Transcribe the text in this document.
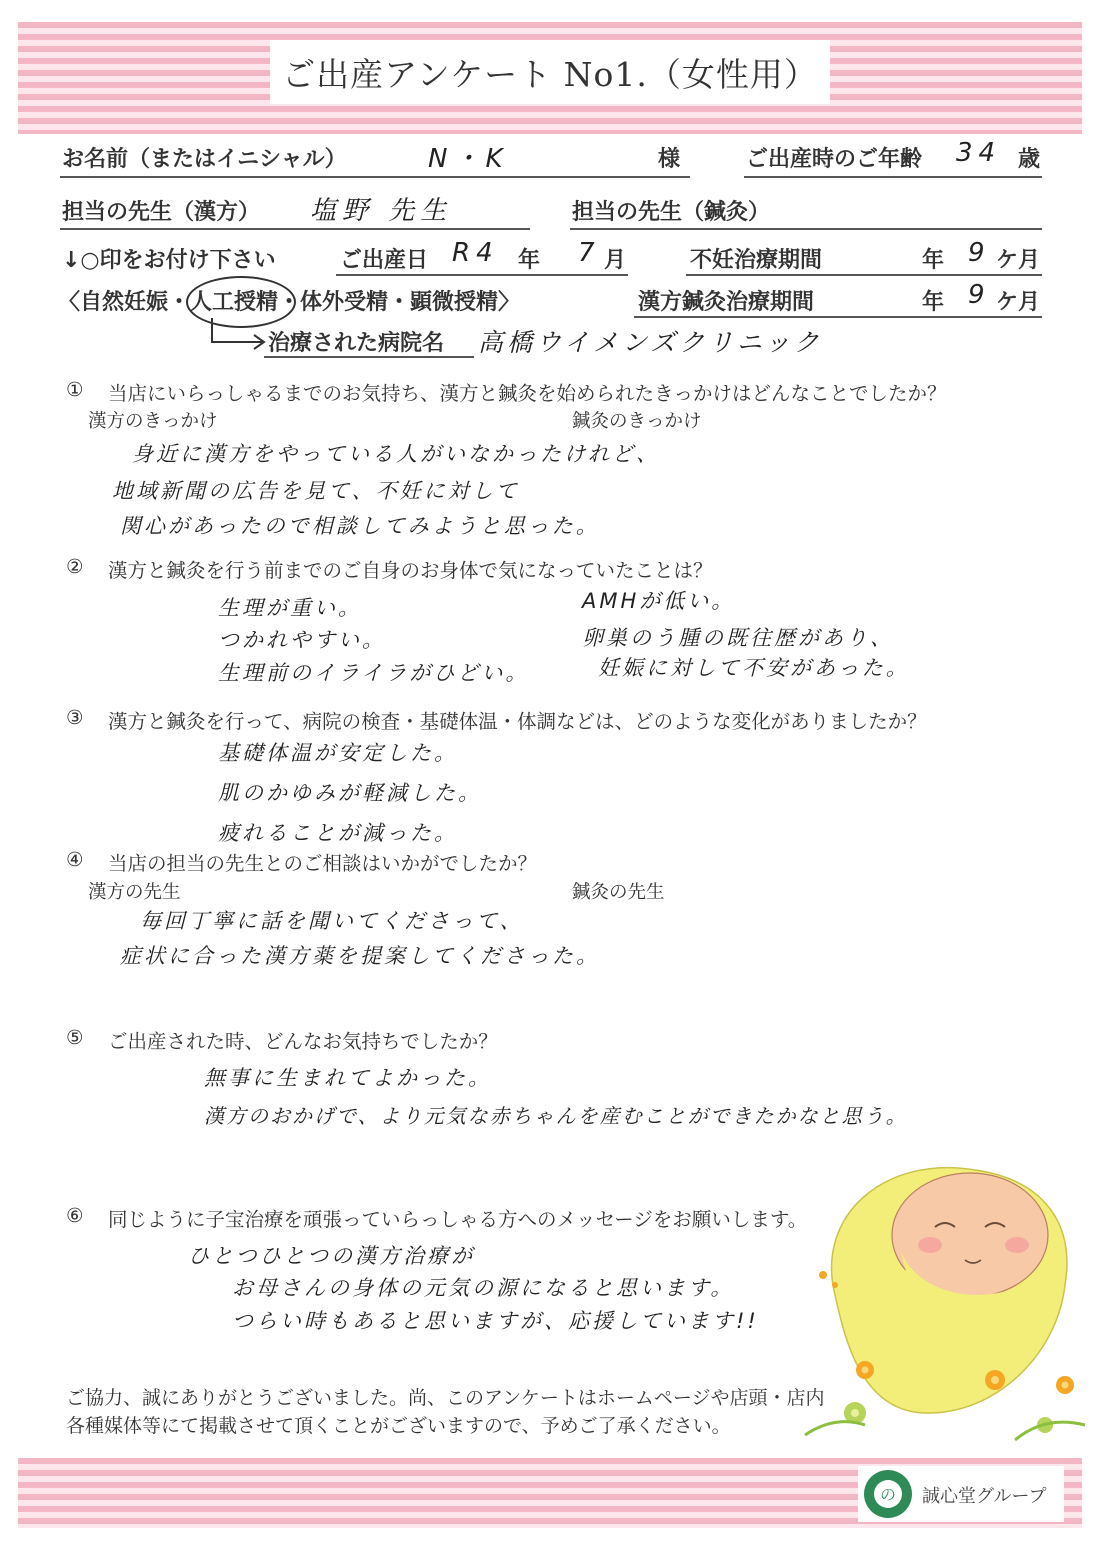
ご出産アンケート No1.（女性用）
お名前（またはイニシャル）	N・K	様	ご出産時のご年齢 34 歳
担当の先生（漢方） 塩野 先生	担当の先生（鍼灸）
↓○印をお付け下さい	ご出産日 R4 年 7 月	不妊治療期間	年 9 ケ月
〈自然妊娠・人工授精・体外受精・顕微授精〉	漢方鍼灸治療期間	年 9 ケ月
治療された病院名 高橋ウイメンズクリニック
① 当店にいらっしゃるまでのお気持ち、漢方と鍼灸を始められたきっかけはどんなことでしたか？
漢方のきっかけ	鍼灸のきっかけ
身近に漢方をやっている人がいなかったけれど、
地域新聞の広告を見て、不妊に対して
関心があったので相談してみようと思った。
② 漢方と鍼灸を行う前までのご自身のお身体で気になっていたことは？
生理が重い。
つかれやすい。
生理前のイライラがひどい。
AMHが低い。
卵巣のう腫の既往歴があり、
妊娠に対して不安があった。
③ 漢方と鍼灸を行って、病院の検査・基礎体温・体調などは、どのような変化がありましたか？
基礎体温が安定した。
肌のかゆみが軽減した。
疲れることが減った。
④ 当店の担当の先生とのご相談はいかがでしたか？
漢方の先生	鍼灸の先生
毎回丁寧に話を聞いてくださって、
症状に合った漢方薬を提案してくださった。
⑤ ご出産された時、どんなお気持ちでしたか？
無事に生まれてよかった。
漢方のおかげで、より元気な赤ちゃんを産むことができたかなと思う。
⑥ 同じように子宝治療を頑張っていらっしゃる方へのメッセージをお願いします。
ひとつひとつの漢方治療が
お母さんの身体の元気の源になると思います。
つらい時もあると思いますが、応援しています!!
ご協力、誠にありがとうございました。尚、このアンケートはホームページや店頭・店内
各種媒体等にて掲載させて頂くことがございますので、予めご了承ください。
の 誠心堂グループ
